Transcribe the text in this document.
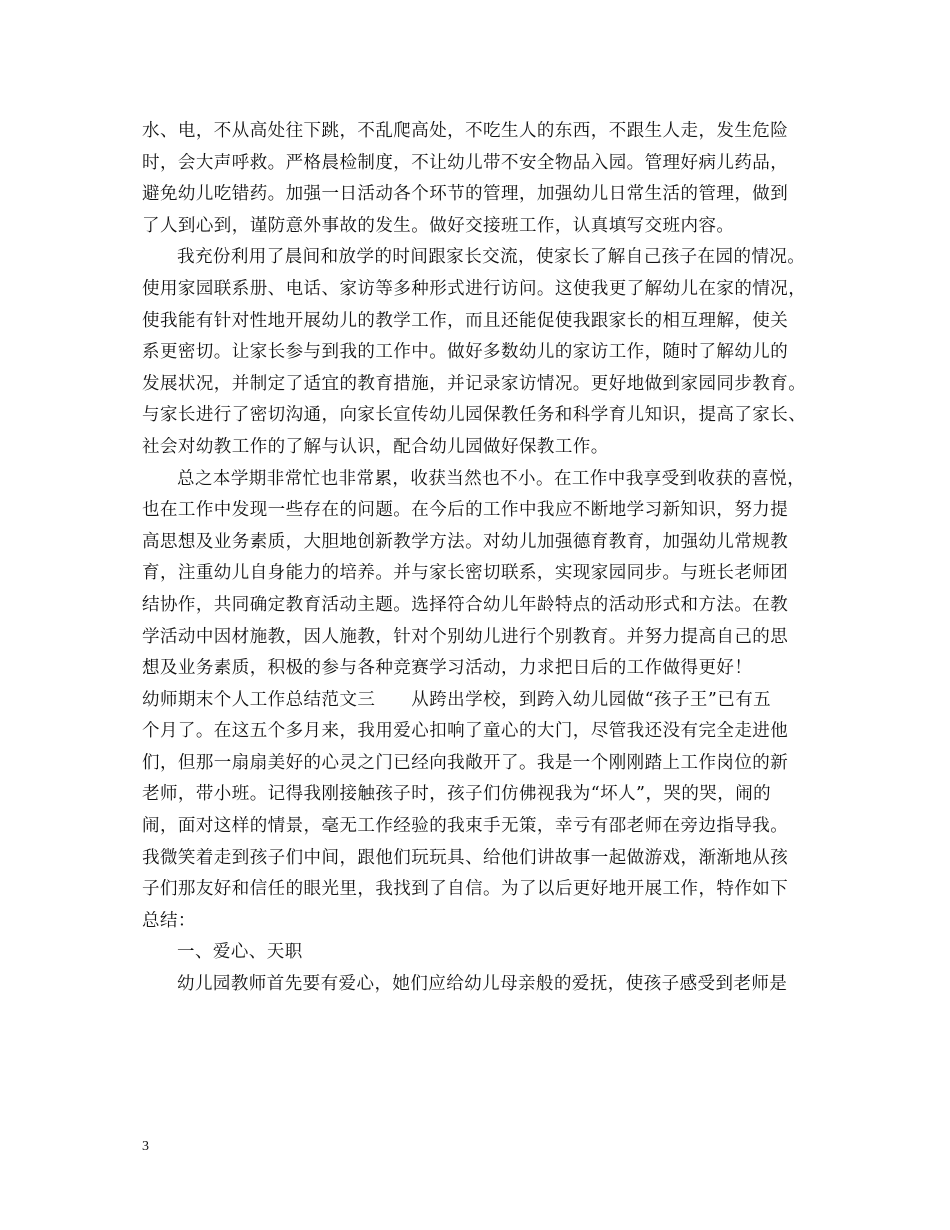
水、电，不从高处往下跳，不乱爬高处，不吃生人的东西，不跟生人走，发生危险
时，会大声呼救。严格晨检制度，不让幼儿带不安全物品入园。管理好病儿药品，
避免幼儿吃错药。加强一日活动各个环节的管理，加强幼儿日常生活的管理，做到
了人到心到，谨防意外事故的发生。做好交接班工作，认真填写交班内容。
我充份利用了晨间和放学的时间跟家长交流，使家长了解自己孩子在园的情况。
使用家园联系册、电话、家访等多种形式进行访问。这使我更了解幼儿在家的情况，
使我能有针对性地开展幼儿的教学工作，而且还能促使我跟家长的相互理解，使关
系更密切。让家长参与到我的工作中。做好多数幼儿的家访工作，随时了解幼儿的
发展状况，并制定了适宜的教育措施，并记录家访情况。更好地做到家园同步教育。
与家长进行了密切沟通，向家长宣传幼儿园保教任务和科学育儿知识，提高了家长、
社会对幼教工作的了解与认识，配合幼儿园做好保教工作。
总之本学期非常忙也非常累，收获当然也不小。在工作中我享受到收获的喜悦，
也在工作中发现一些存在的问题。在今后的工作中我应不断地学习新知识，努力提
高思想及业务素质，大胆地创新教学方法。对幼儿加强德育教育，加强幼儿常规教
育，注重幼儿自身能力的培养。并与家长密切联系，实现家园同步。与班长老师团
结协作，共同确定教育活动主题。选择符合幼儿年龄特点的活动形式和方法。在教
学活动中因材施教，因人施教，针对个别幼儿进行个别教育。并努力提高自己的思
想及业务素质，积极的参与各种竞赛学习活动，力求把日后的工作做得更好！
幼师期末个人工作总结范文三　　从跨出学校，到跨入幼儿园做“孩子王”已有五
个月了。在这五个多月来，我用爱心扣响了童心的大门，尽管我还没有完全走进他
们，但那一扇扇美好的心灵之门已经向我敞开了。我是一个刚刚踏上工作岗位的新
老师，带小班。记得我刚接触孩子时，孩子们仿佛视我为“坏人”，哭的哭，闹的
闹，面对这样的情景，毫无工作经验的我束手无策，幸亏有邵老师在旁边指导我。
我微笑着走到孩子们中间，跟他们玩玩具、给他们讲故事一起做游戏，渐渐地从孩
子们那友好和信任的眼光里，我找到了自信。为了以后更好地开展工作，特作如下
总结：
一、爱心、天职
幼儿园教师首先要有爱心，她们应给幼儿母亲般的爱抚，使孩子感受到老师是
3
